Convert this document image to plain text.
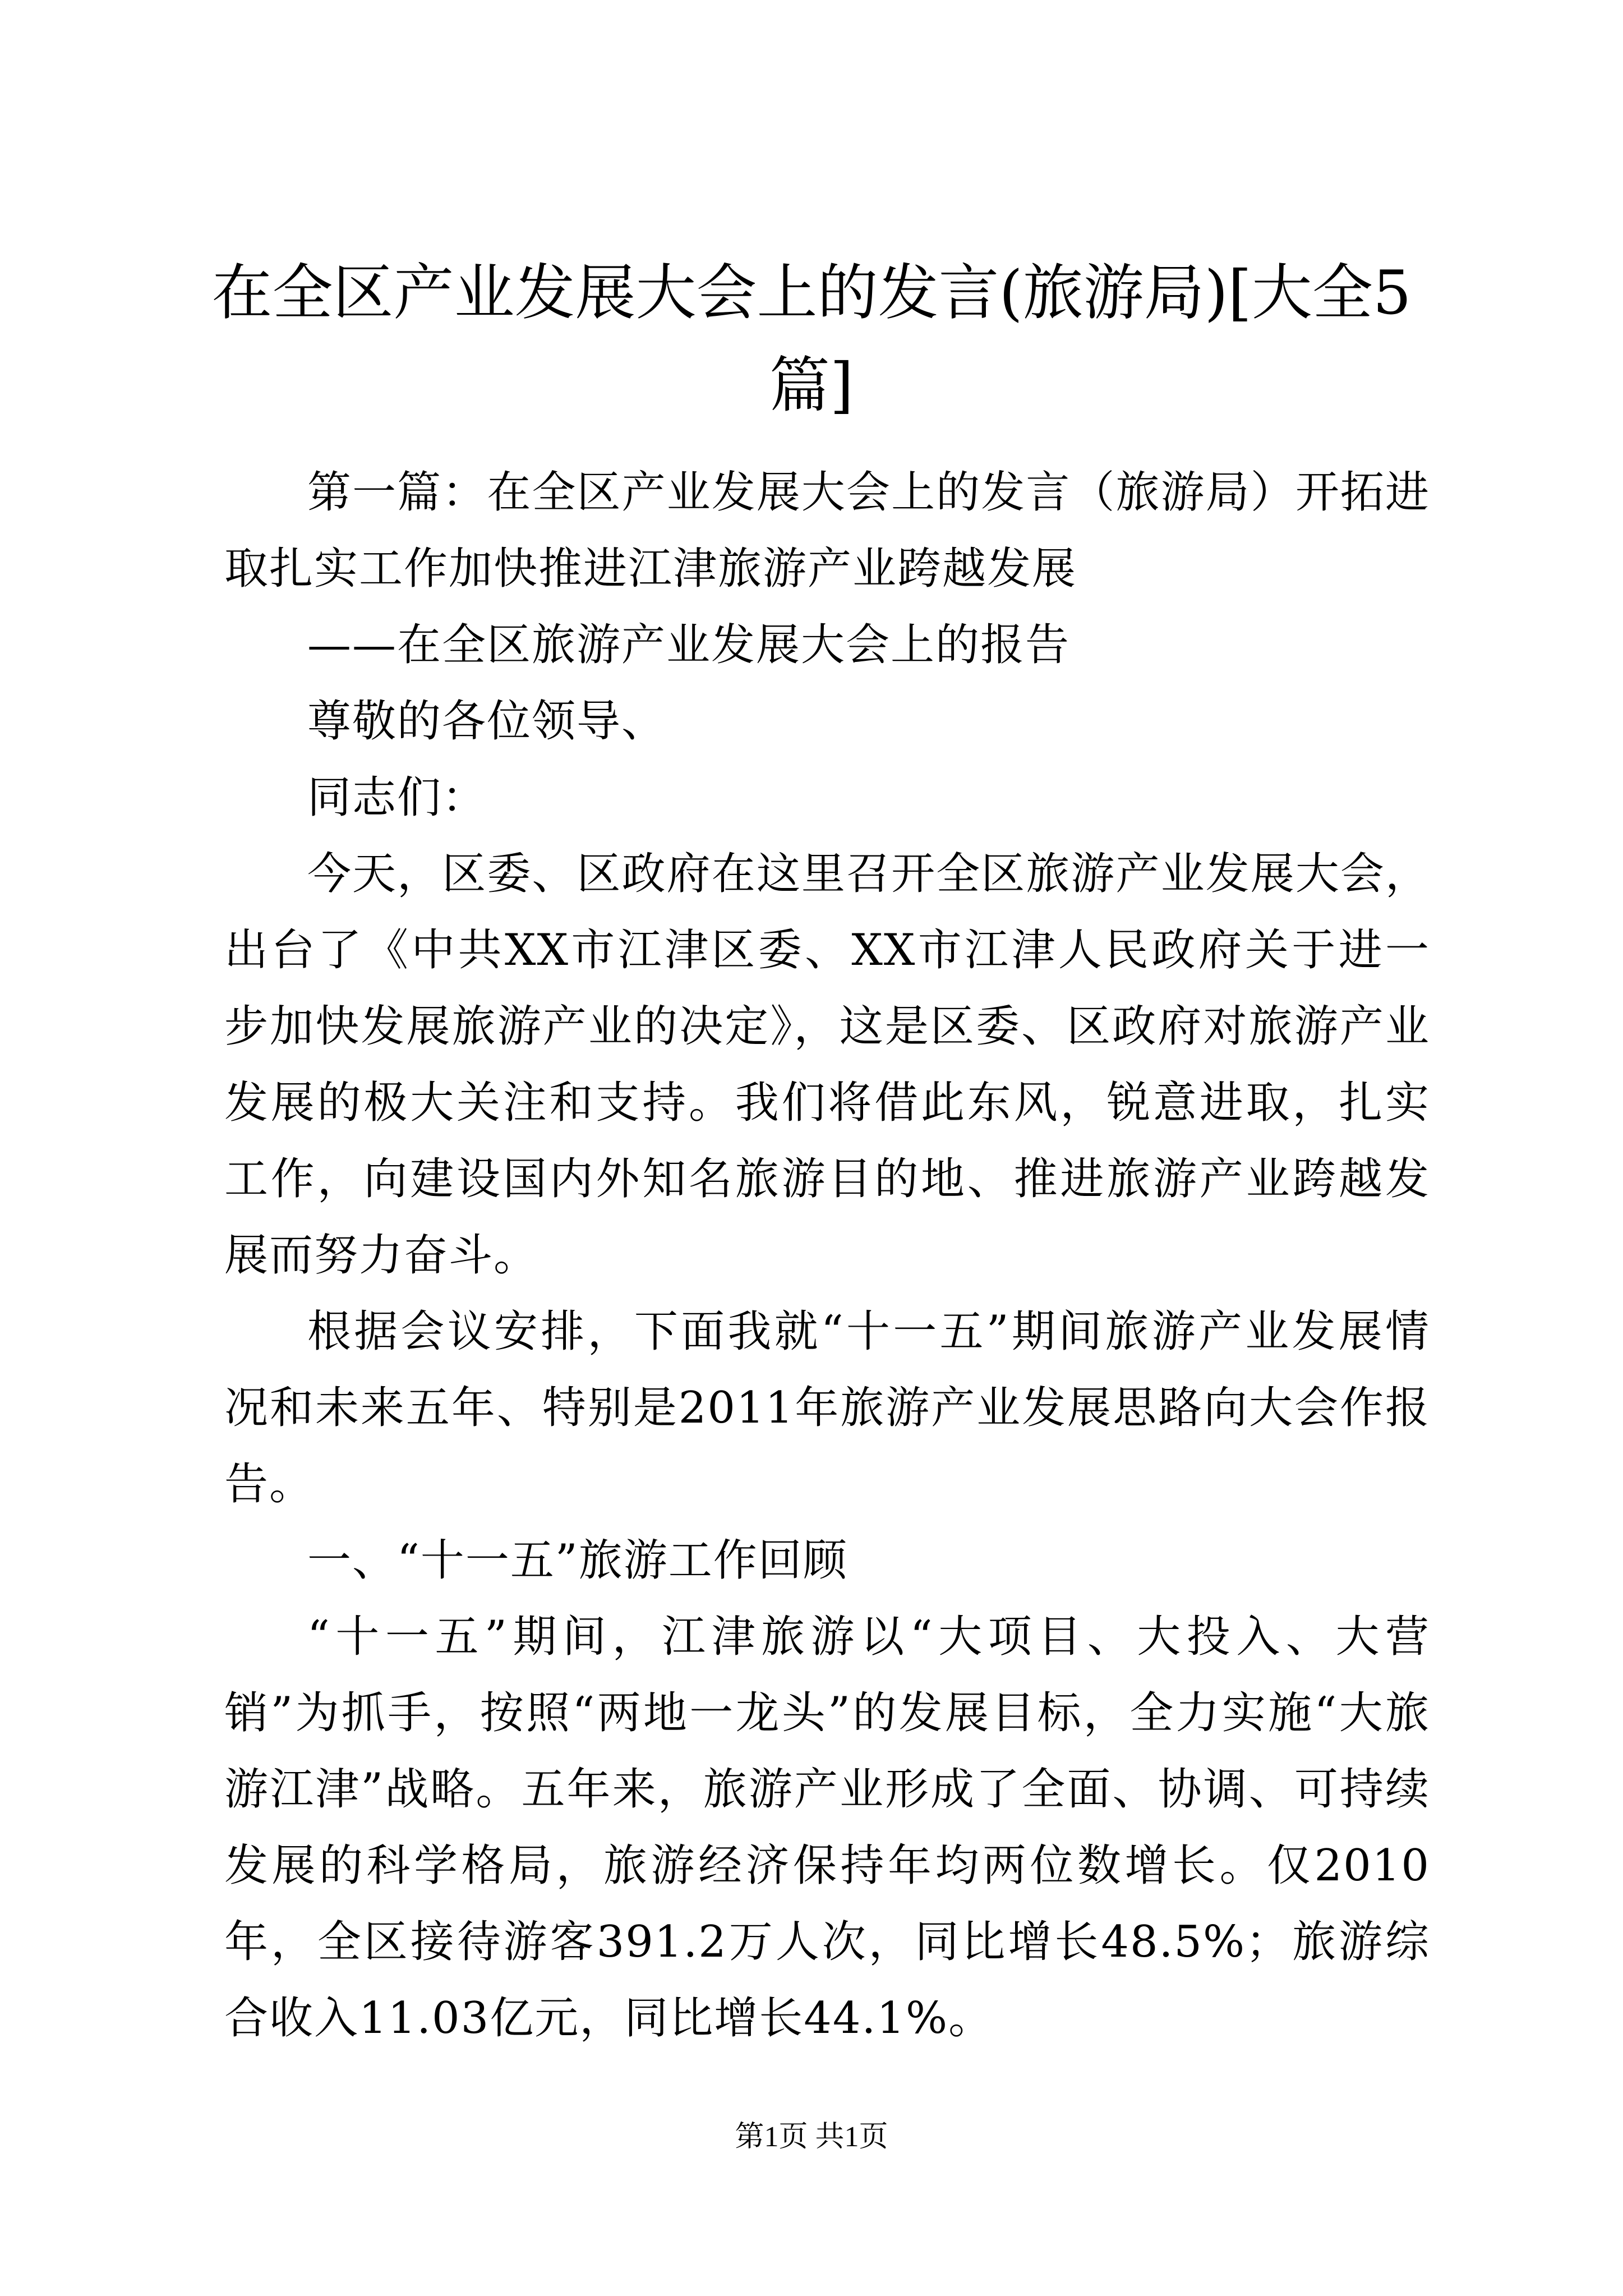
在全区产业发展大会上的发言(旅游局)[大全5篇]

第一篇：在全区产业发展大会上的发言（旅游局）开拓进取扎实工作加快推进江津旅游产业跨越发展

——在全区旅游产业发展大会上的报告

尊敬的各位领导、

同志们：

今天，区委、区政府在这里召开全区旅游产业发展大会，出台了《中共XX市江津区委、XX市江津人民政府关于进一步加快发展旅游产业的决定》，这是区委、区政府对旅游产业发展的极大关注和支持。我们将借此东风，锐意进取，扎实工作，向建设国内外知名旅游目的地、推进旅游产业跨越发展而努力奋斗。

根据会议安排，下面我就“十一五”期间旅游产业发展情况和未来五年、特别是2011年旅游产业发展思路向大会作报告。

一、“十一五”旅游工作回顾

“十一五”期间，江津旅游以“大项目、大投入、大营销”为抓手，按照“两地一龙头”的发展目标，全力实施“大旅游江津”战略。五年来，旅游产业形成了全面、协调、可持续发展的科学格局，旅游经济保持年均两位数增长。仅2010年，全区接待游客391.2万人次，同比增长48.5%；旅游综合收入11.03亿元，同比增长44.1%。

第1页 共1页
